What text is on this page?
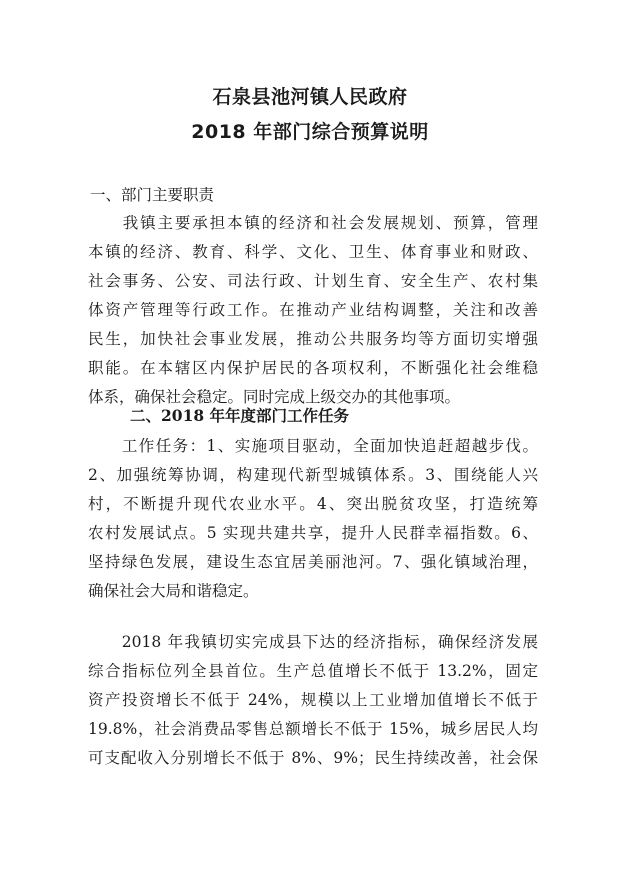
石泉县池河镇人民政府
2018 年部门综合预算说明
一、部门主要职责
　　我镇主要承担本镇的经济和社会发展规划、预算，管理
本镇的经济、教育、科学、文化、卫生、体育事业和财政、
社会事务、公安、司法行政、计划生育、安全生产、农村集
体资产管理等行政工作。在推动产业结构调整，关注和改善
民生，加快社会事业发展，推动公共服务均等方面切实增强
职能。在本辖区内保护居民的各项权利，不断强化社会维稳
体系，确保社会稳定。同时完成上级交办的其他事项。
二、2018 年年度部门工作任务
　　工作任务：1、实施项目驱动，全面加快追赶超越步伐。
2、加强统筹协调，构建现代新型城镇体系。3、围绕能人兴
村，不断提升现代农业水平。4、突出脱贫攻坚，打造统筹
农村发展试点。5 实现共建共享，提升人民群幸福指数。6、
坚持绿色发展，建设生态宜居美丽池河。7、强化镇域治理，
确保社会大局和谐稳定。
　　2018 年我镇切实完成县下达的经济指标，确保经济发展
综合指标位列全县首位。生产总值增长不低于 13.2%，固定
资产投资增长不低于 24%，规模以上工业增加值增长不低于
19.8%，社会消费品零售总额增长不低于 15%，城乡居民人均
可支配收入分别增长不低于 8%、9%；民生持续改善，社会保
